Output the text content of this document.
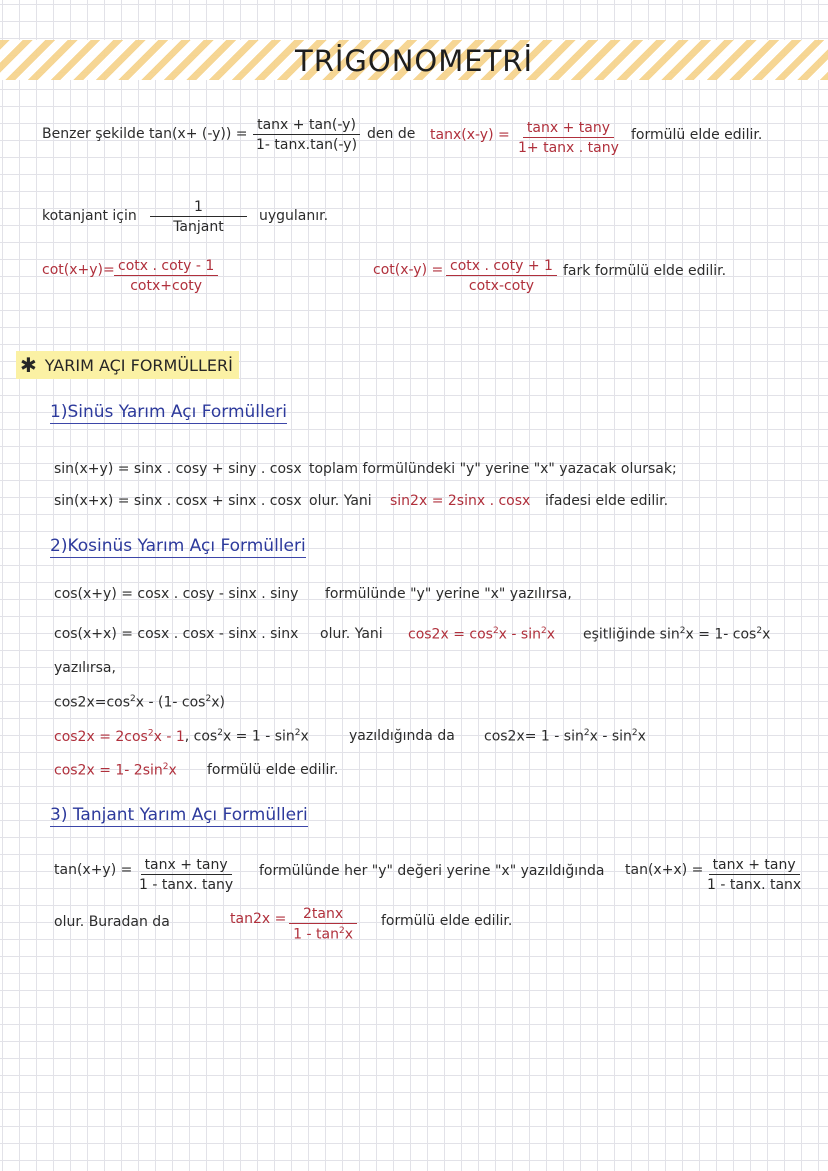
TRİGONOMETRİ
Benzer şekilde $\tan(x+ (-y)) = \frac{\tan x + \tan(-y)}{1- \tan x.\tan(-y)}$ den de $\tan x(x-y) = \frac{\tan x + \tan y}{1+ \tan x . \tan y}$ formülü elde edilir.
kotanjant için
1
Tanjant
uygulanır.
$\cot(x+y)= \frac{\cot x . \cot y - 1}{\cot x+\cot y}$	$\cot(x-y) = \frac{\cot x . \cot y + 1}{\cot x-\cot y}$ fark formülü elde edilir.
✱ YARIM AÇI FORMÜLLERİ
1)Sinüs Yarım Açı Formülleri
sin(x+y) = sinx . cosy + siny . cosx toplam formülündeki "y" yerine "x" yazacak olursak;
sin(x+x) = sinx . cosx + sinx . cosx olur. Yani sin2x = 2sinx . cosx ifadesi elde edilir.
2)Kosinüs Yarım Açı Formülleri
cos(x+y) = cosx . cosy - sinx . siny formülünde "y" yerine "x" yazılırsa,
cos(x+x) = cosx . cosx - sinx . sinx olur. Yani $\cos 2x = \cos^2x - \sin^2x$ eşitliğinde $\sin^2x = 1-$ $\cos^2x$
yazılırsa,
$\cos 2x=\cos^2x - (1-$ $\cos^2x$)
$\cos 2x = 2\cos^2x - 1$, $\cos^2x = 1 - \sin^2x$	yazıldığında da $\cos 2x= 1 - \sin^2x - \sin^2x$
cos2x = 1- $2\sin^2x$ formülü elde edilir.
3) Tanjant Yarım Açı Formülleri
$\tan(x+y) = \frac{\tan x + \tan y}{1 - \tan x. \tan y}$ formülünde her "y" değeri yerine "x" yazıldığında $\tan(x+x) = \frac{\tan x + \tan y}{1 - \tan x. \tan x}$
olur. Buradan da	$\tan 2x = \frac{2\tan x}{1 - \tan^2x}$ formülü elde edilir.
